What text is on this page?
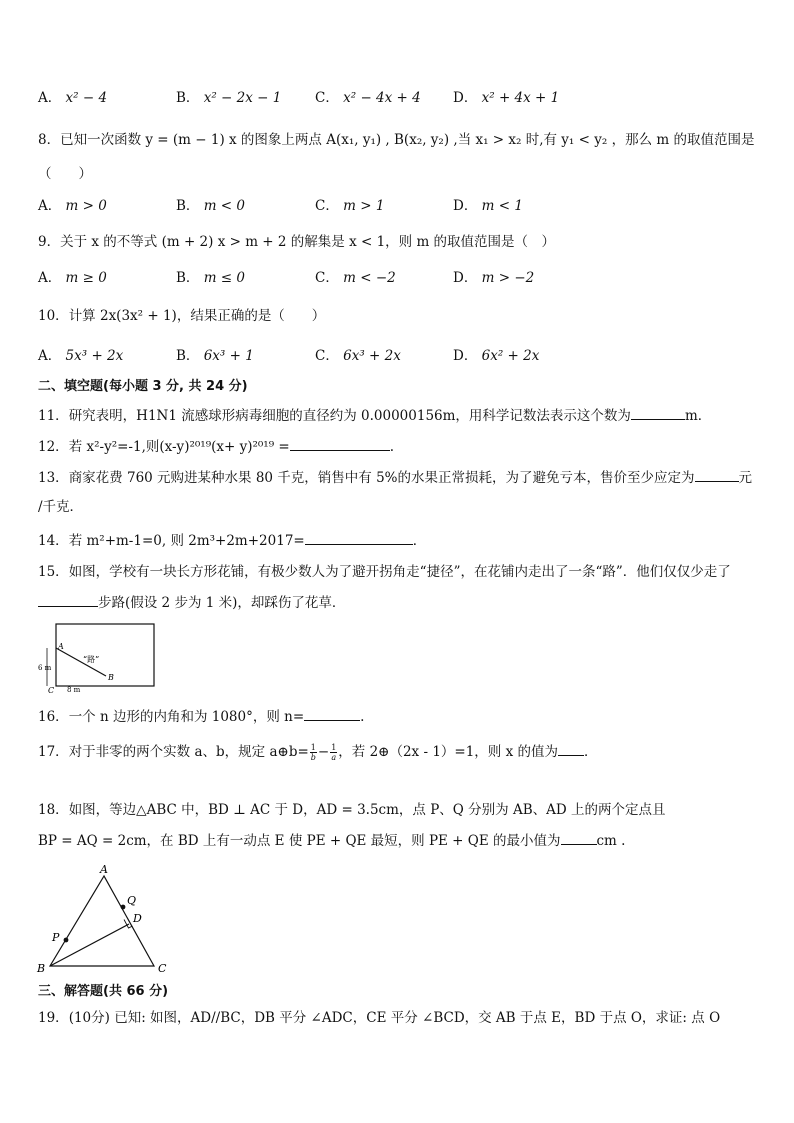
A． x² − 4	B． x² − 2x − 1 C． x² − 4x + 4 D． x² + 4x + 1
8．已知一次函数 y = (m − 1) x 的图象上两点 A(x₁, y₁) , B(x₂, y₂) ,当 x₁ > x₂ 时,有 y₁ < y₂ ，那么 m 的取值范围是
（　　）
A． m > 0	B． m < 0	C． m > 1	D． m < 1
9．关于 x 的不等式 (m + 2) x > m + 2 的解集是 x < 1，则 m 的取值范围是（　）
A． m ≥ 0	B． m ≤ 0	C． m < −2	D． m > −2
10．计算 2x(3x² + 1)，结果正确的是（　　）
A． 5x³ + 2x	B． 6x³ + 1	C． 6x³ + 2x	D． 6x² + 2x
二、填空题(每小题 3 分, 共 24 分)
11．研究表明，H1N1 流感球形病毒细胞的直径约为 0.00000156m，用科学记数法表示这个数为	m．
12．若 x²-y²=-1,则(x-y)²⁰¹⁹(x+ y)²⁰¹⁹ =	.
13．商家花费 760 元购进某种水果 80 千克，销售中有 5%的水果正常损耗，为了避免亏本，售价至少应定为	元
/千克．
14．若 m²+m-1=0, 则 2m³+2m+2017=	．
15．如图，学校有一块长方形花铺，有极少数人为了避开拐角走“捷径”，在花铺内走出了一条“路”．他们仅仅少走了
步路(假设 2 步为 1 米)，却踩伤了花草．
A
B
C
“路”
6 m
8 m
16．一个 n 边形的内角和为 1080°，则 n=	.
17．对于非零的两个实数 a、b，规定 a⊕b= $\frac{1}{b} - \frac{1}{a}$ ，若 2⊕（2x - 1）=1，则 x 的值为 ．
18．如图，等边△ABC 中，BD ⊥ AC 于 D，AD = 3.5cm，点 P、Q 分别为 AB、AD 上的两个定点且
BP = AQ = 2cm，在 BD 上有一动点 E 使 PE + QE 最短，则 PE + QE 的最小值为	cm .
A
B	C
D
P
Q
三、解答题(共 66 分)
19．(10分) 已知: 如图，AD//BC，DB 平分 ∠ADC，CE 平分 ∠BCD，交 AB 于点 E，BD 于点 O，求证: 点 O
